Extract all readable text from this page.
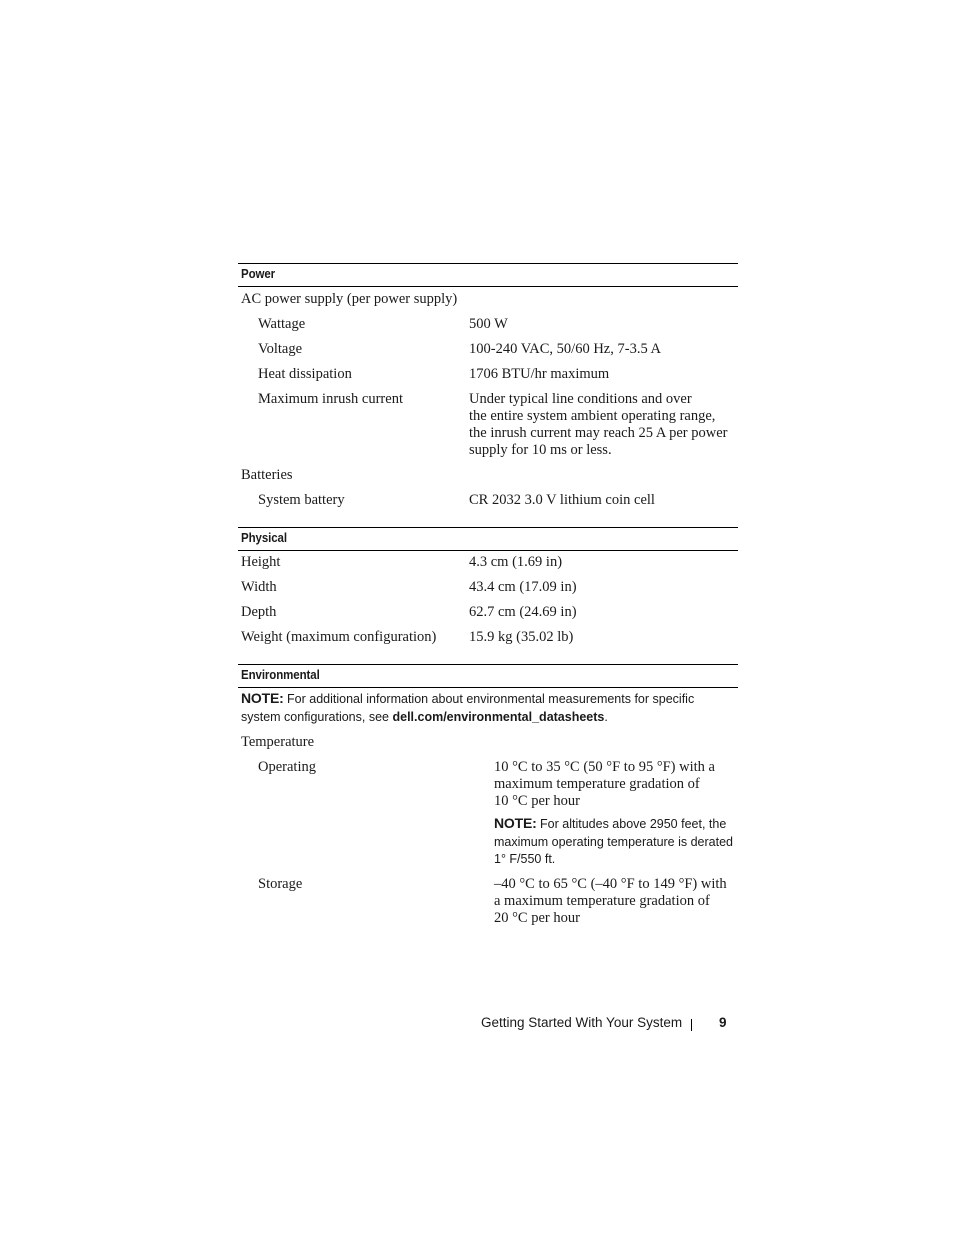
Power
AC power supply (per power supply)
Wattage	500 W
Voltage	100-240 VAC, 50/60 Hz, 7-3.5 A
Heat dissipation	1706 BTU/hr maximum
Maximum inrush current	Under typical line conditions and over
the entire system ambient operating range,
the inrush current may reach 25 A per power
supply for 10 ms or less.
Batteries
System battery	CR 2032 3.0 V lithium coin cell
Physical
Height	4.3 cm (1.69 in)
Width	43.4 cm (17.09 in)
Depth	62.7 cm (24.69 in)
Weight (maximum configuration) 15.9 kg (35.02 lb)
Environmental
NOTE: For additional information about environmental measurements for specific
system configurations, see dell.com/environmental_datasheets.
Temperature
Operating	10 °C to 35 °C (50 °F to 95 °F) with a
maximum temperature gradation of
10 °C per hour
NOTE: For altitudes above 2950 feet, the
maximum operating temperature is derated
1° F/550 ft.
Storage	–40 °C to 65 °C (–40 °F to 149 °F) with
a maximum temperature gradation of
20 °C per hour
Getting Started With Your System	9
